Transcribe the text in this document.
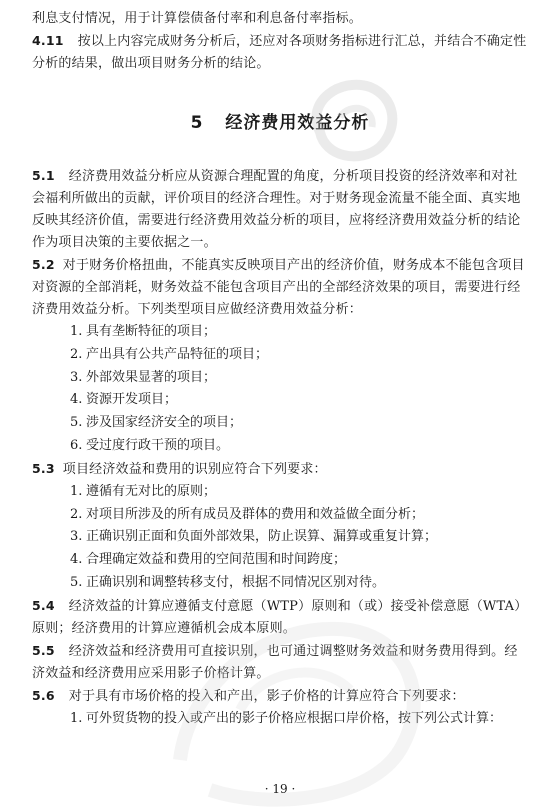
利息支付情况，用于计算偿债备付率和利息备付率指标。

4.11 按以上内容完成财务分析后，还应对各项财务指标进行汇总，并结合不确定性分析的结果，做出项目财务分析的结论。

5 经济费用效益分析

5.1 经济费用效益分析应从资源合理配置的角度，分析项目投资的经济效率和对社会福利所做出的贡献，评价项目的经济合理性。对于财务现金流量不能全面、真实地反映其经济价值，需要进行经济费用效益分析的项目，应将经济费用效益分析的结论作为项目决策的主要依据之一。

5.2 对于财务价格扭曲，不能真实反映项目产出的经济价值，财务成本不能包含项目对资源的全部消耗，财务效益不能包含项目产出的全部经济效果的项目，需要进行经济费用效益分析。下列类型项目应做经济费用效益分析：

1. 具有垄断特征的项目；
2. 产出具有公共产品特征的项目；
3. 外部效果显著的项目；
4. 资源开发项目；
5. 涉及国家经济安全的项目；
6. 受过度行政干预的项目。

5.3 项目经济效益和费用的识别应符合下列要求：

1. 遵循有无对比的原则；
2. 对项目所涉及的所有成员及群体的费用和效益做全面分析；
3. 正确识别正面和负面外部效果，防止误算、漏算或重复计算；
4. 合理确定效益和费用的空间范围和时间跨度；
5. 正确识别和调整转移支付，根据不同情况区别对待。

5.4 经济效益的计算应遵循支付意愿（WTP）原则和（或）接受补偿意愿（WTA）原则；经济费用的计算应遵循机会成本原则。

5.5 经济效益和经济费用可直接识别，也可通过调整财务效益和财务费用得到。经济效益和经济费用应采用影子价格计算。

5.6 对于具有市场价格的投入和产出，影子价格的计算应符合下列要求：

1. 可外贸货物的投入或产出的影子价格应根据口岸价格，按下列公式计算：
· 19 ·
